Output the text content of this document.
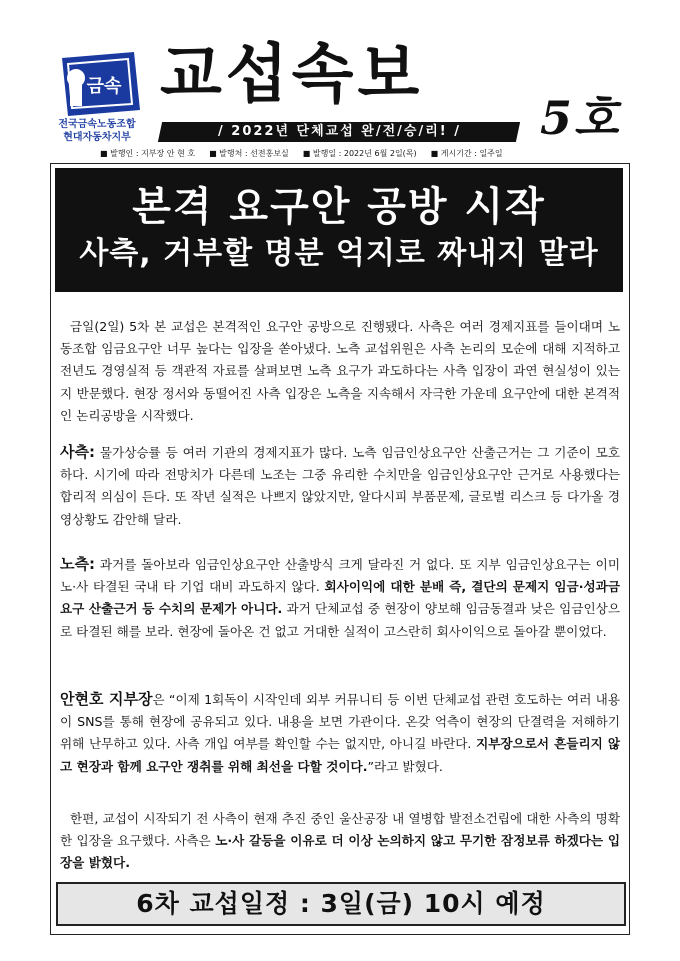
금속
전국금속노동조합
현대자동차지부
교섭속보
5호
/ 2022년 단체교섭 완/전/승/리! /
■ 발행인 : 지부장 안 현 호 ■ 발행처 : 선전홍보실 ■ 발행일 : 2022년 6월 2일(목) ■ 게시기간 : 일주일
본격 요구안 공방 시작
사측, 거부할 명분 억지로 짜내지 말라

금일(2일) 5차 본 교섭은 본격적인 요구안 공방으로 진행됐다. 사측은 여러 경제지표를 들이대며 노동조합 임금요구안 너무 높다는 입장을 쏟아냈다. 노측 교섭위원은 사측 논리의 모순에 대해 지적하고 전년도 경영실적 등 객관적 자료를 살펴보면 노측 요구가 과도하다는 사측 입장이 과연 현실성이 있는지 반문했다. 현장 정서와 동떨어진 사측 입장은 노측을 지속해서 자극한 가운데 요구안에 대한 본격적인 논리공방을 시작했다.

사측: 물가상승률 등 여러 기관의 경제지표가 많다. 노측 임금인상요구안 산출근거는 그 기준이 모호하다. 시기에 따라 전망치가 다른데 노조는 그중 유리한 수치만을 임금인상요구안 근거로 사용했다는 합리적 의심이 든다. 또 작년 실적은 나쁘지 않았지만, 알다시피 부품문제, 글로벌 리스크 등 다가올 경영상황도 감안해 달라.

노측: 과거를 돌아보라 임금인상요구안 산출방식 크게 달라진 거 없다. 또 지부 임금인상요구는 이미 노·사 타결된 국내 타 기업 대비 과도하지 않다. 회사이익에 대한 분배 즉, 결단의 문제지 임금·성과금 요구 산출근거 등 수치의 문제가 아니다. 과거 단체교섭 중 현장이 양보해 임금동결과 낮은 임금인상으로 타결된 해를 보라. 현장에 돌아온 건 없고 거대한 실적이 고스란히 회사이익으로 돌아갈 뿐이었다.

안현호 지부장은 “이제 1회독이 시작인데 외부 커뮤니티 등 이번 단체교섭 관련 호도하는 여러 내용이 SNS를 통해 현장에 공유되고 있다. 내용을 보면 가관이다. 온갖 억측이 현장의 단결력을 저해하기 위해 난무하고 있다. 사측 개입 여부를 확인할 수는 없지만, 아니길 바란다. 지부장으로서 흔들리지 않고 현장과 함께 요구안 쟁취를 위해 최선을 다할 것이다.”라고 밝혔다.

한편, 교섭이 시작되기 전 사측이 현재 추진 중인 울산공장 내 열병합 발전소건립에 대한 사측의 명확한 입장을 요구했다. 사측은 노·사 갈등을 이유로 더 이상 논의하지 않고 무기한 잠정보류 하겠다는 입장을 밝혔다.

6차 교섭일정 : 3일(금) 10시 예정
